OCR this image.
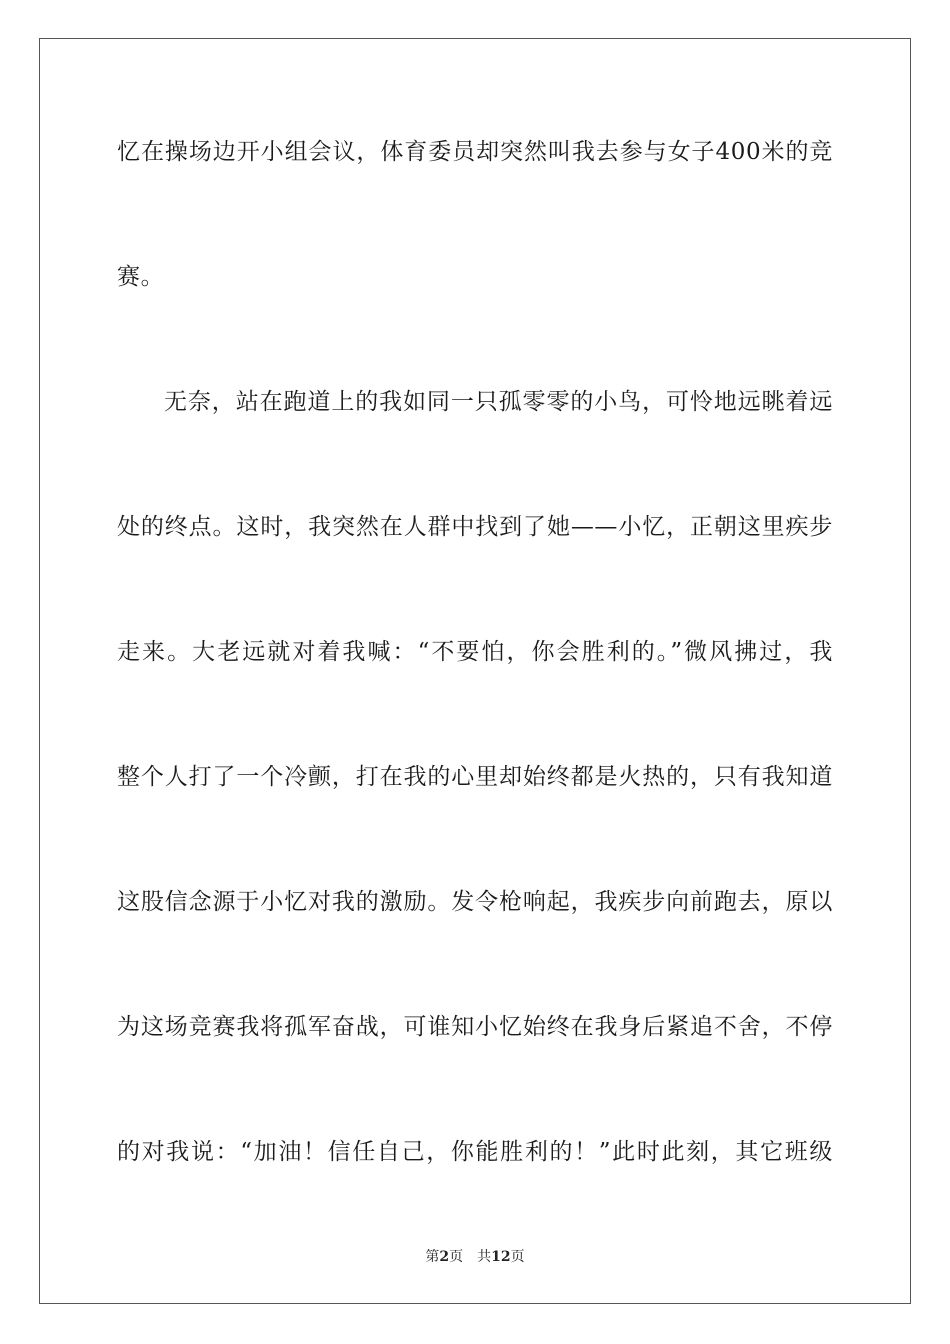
忆在操场边开小组会议，体育委员却突然叫我去参与女子400米的竞
赛。
无奈，站在跑道上的我如同一只孤零零的小鸟，可怜地远眺着远
处的终点。这时，我突然在人群中找到了她——小忆，正朝这里疾步
走来。大老远就对着我喊：“不要怕，你会胜利的。”微风拂过，我
整个人打了一个冷颤，打在我的心里却始终都是火热的，只有我知道
这股信念源于小忆对我的激励。发令枪响起，我疾步向前跑去，原以
为这场竞赛我将孤军奋战，可谁知小忆始终在我身后紧追不舍，不停
的对我说：“加油！信任自己，你能胜利的！”此时此刻，其它班级
第2页 共12页
